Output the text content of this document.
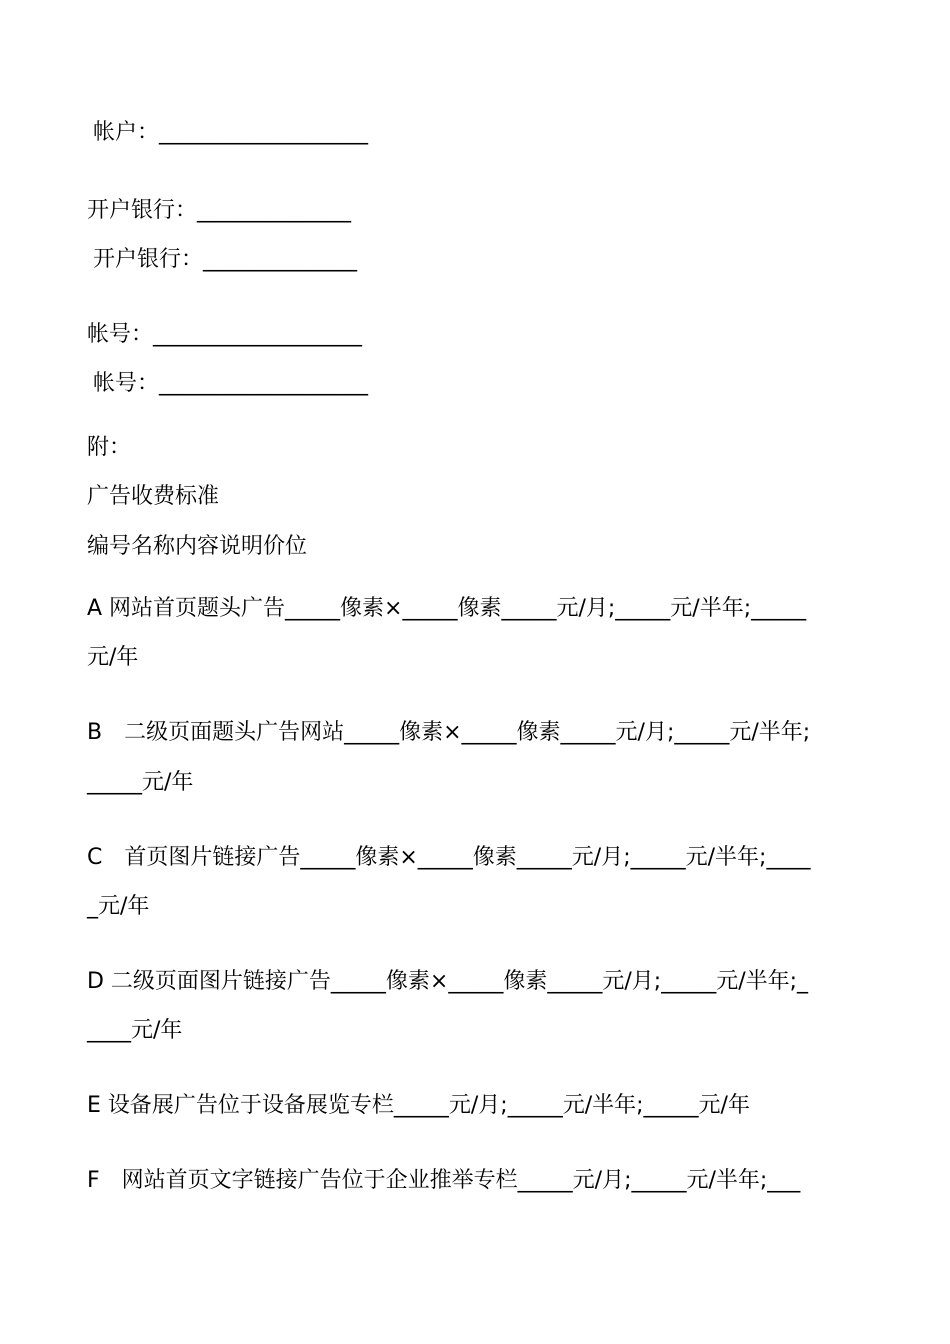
帐户：___________________
开户银行：______________
开户银行：______________
帐号：___________________
帐号：___________________
附：
广告收费标准
编号名称内容说明价位
A 网站首页题头广告_____像素×_____像素_____元/月;_____元/半年;_____
元/年
B　二级页面题头广告网站_____像素×_____像素_____元/月;_____元/半年;
_____元/年
C　首页图片链接广告_____像素×_____像素_____元/月;_____元/半年;____
_元/年
D 二级页面图片链接广告_____像素×_____像素_____元/月;_____元/半年;_
____元/年
E 设备展广告位于设备展览专栏_____元/月;_____元/半年;_____元/年
F　网站首页文字链接广告位于企业推举专栏_____元/月;_____元/半年;___
